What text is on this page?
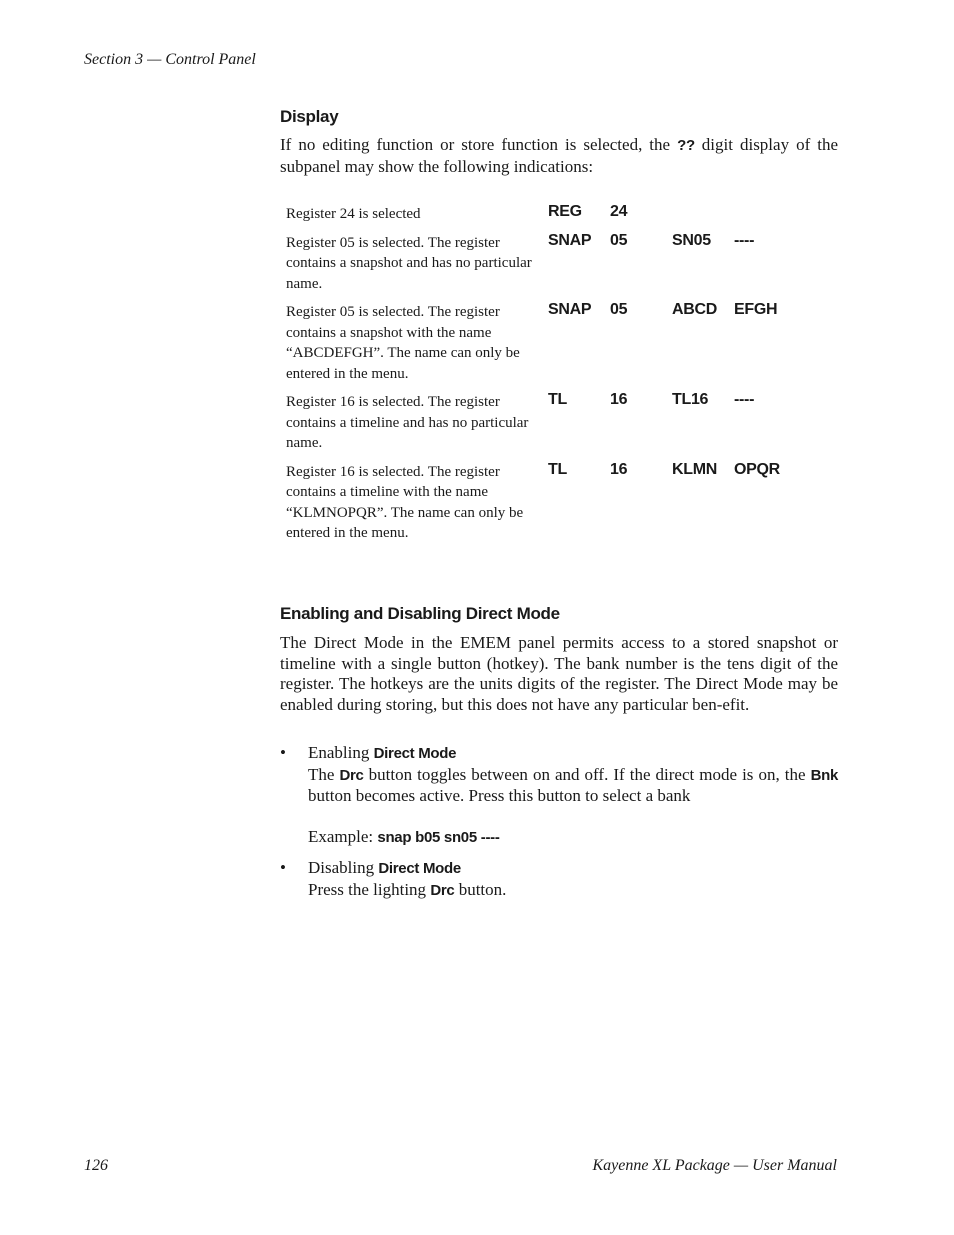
Section 3 — Control Panel
Display

If no editing function or store function is selected, the ?? digit display of the subpanel may show the following indications:

Register 24 is selected	REG	24		
Register 05 is selected. The register contains a snapshot and has no particular name.	SNAP	05	SN05	----
Register 05 is selected. The register contains a snapshot with the name “ABCDEFGH”. The name can only be entered in the menu.	SNAP	05	ABCD	EFGH
Register 16 is selected. The register contains a timeline and has no particular name.	TL	16	TL16	----
Register 16 is selected. The register contains a timeline with the name “KLMNOPQR”. The name can only be entered in the menu.	TL	16	KLMN	OPQR
Enabling and Disabling Direct Mode

The Direct Mode in the EMEM panel permits access to a stored snapshot or timeline with a single button (hotkey). The bank number is the tens digit of the register. The hotkeys are the units digits of the register. The Direct Mode may be enabled during storing, but this does not have any particular ben-efit.

• Enabling Direct Mode
The Drc button toggles between on and off. If the direct mode is on, the Bnk button becomes active. Press this button to select a bank
Example: snap b05 sn05 ----
• Disabling Direct Mode
Press the lighting Drc button.
126	Kayenne XL Package — User Manual
